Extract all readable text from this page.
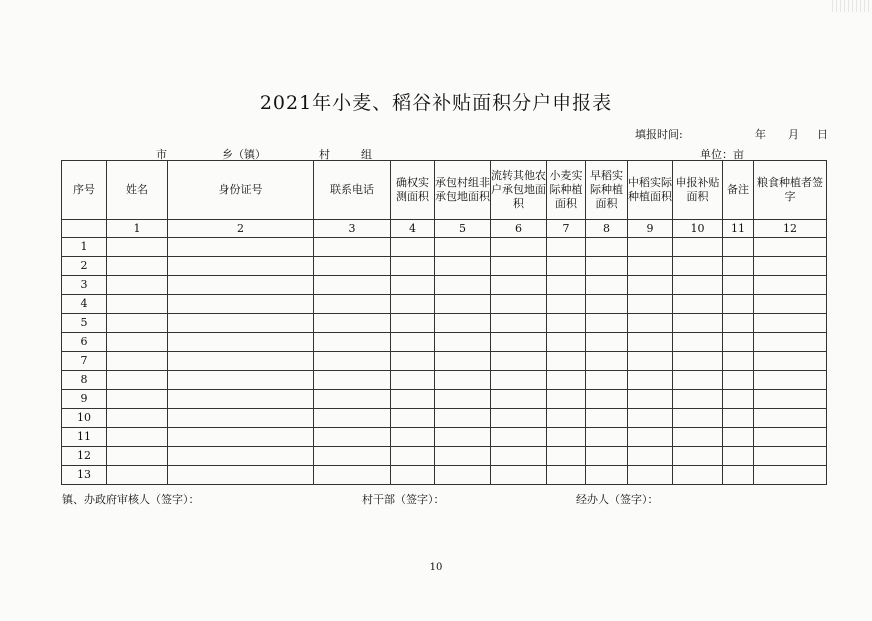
2021年小麦、稻谷补贴面积分户申报表
填报时间:	年 月 日
市	乡（镇）	村	组	单位：亩
序号	姓名	身份证号	联系电话	确权实测面积	承包村组非承包地面积	流转其他农户承包地面积	小麦实际种植面积	早稻实际种植面积	中稻实际种植面积	申报补贴面积	备注	粮食种植者签字
	1	2	3	4	5	6	7	8	9	10	11	12
1												
2												
3												
4												
5												
6												
7												
8												
9												
10												
11												
12												
13												
镇、办政府审核人（签字）：	村干部（签字）：	经办人（签字）：
10
